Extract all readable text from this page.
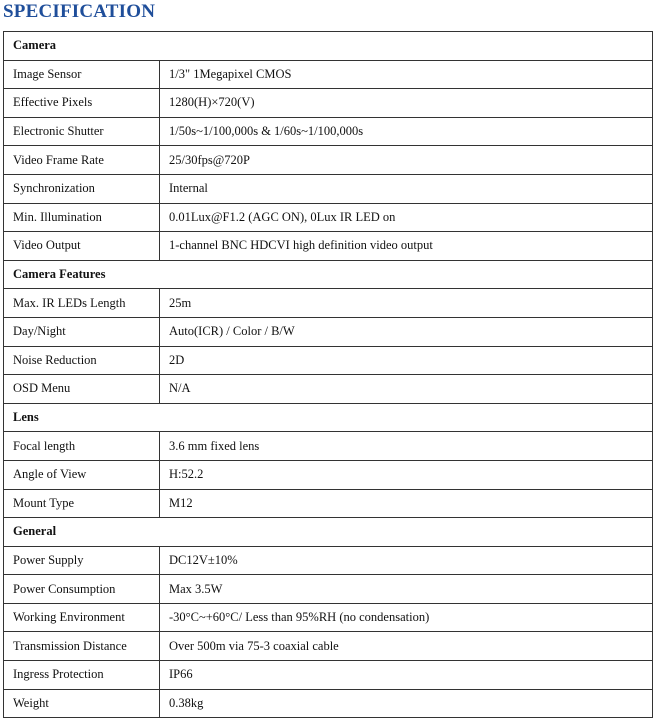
SPECIFICATION
Camera	
Image Sensor	1/3" 1Megapixel CMOS
Effective Pixels	1280(H)×720(V)
Electronic Shutter	1/50s~1/100,000s & 1/60s~1/100,000s
Video Frame Rate	25/30fps@720P
Synchronization	Internal
Min. Illumination	0.01Lux@F1.2 (AGC ON), 0Lux IR LED on
Video Output	1-channel BNC HDCVI high definition video output
Camera Features	
Max. IR LEDs Length	25m
Day/Night	Auto(ICR) / Color / B/W
Noise Reduction	2D
OSD Menu	N/A
Lens	
Focal length	3.6 mm fixed lens
Angle of View	H:52.2
Mount Type	M12
General	
Power Supply	DC12V±10%
Power Consumption	Max 3.5W
Working Environment	-30°C~+60°C/ Less than 95%RH (no condensation)
Transmission Distance	Over 500m via 75-3 coaxial cable
Ingress Protection	IP66
Weight	0.38kg
